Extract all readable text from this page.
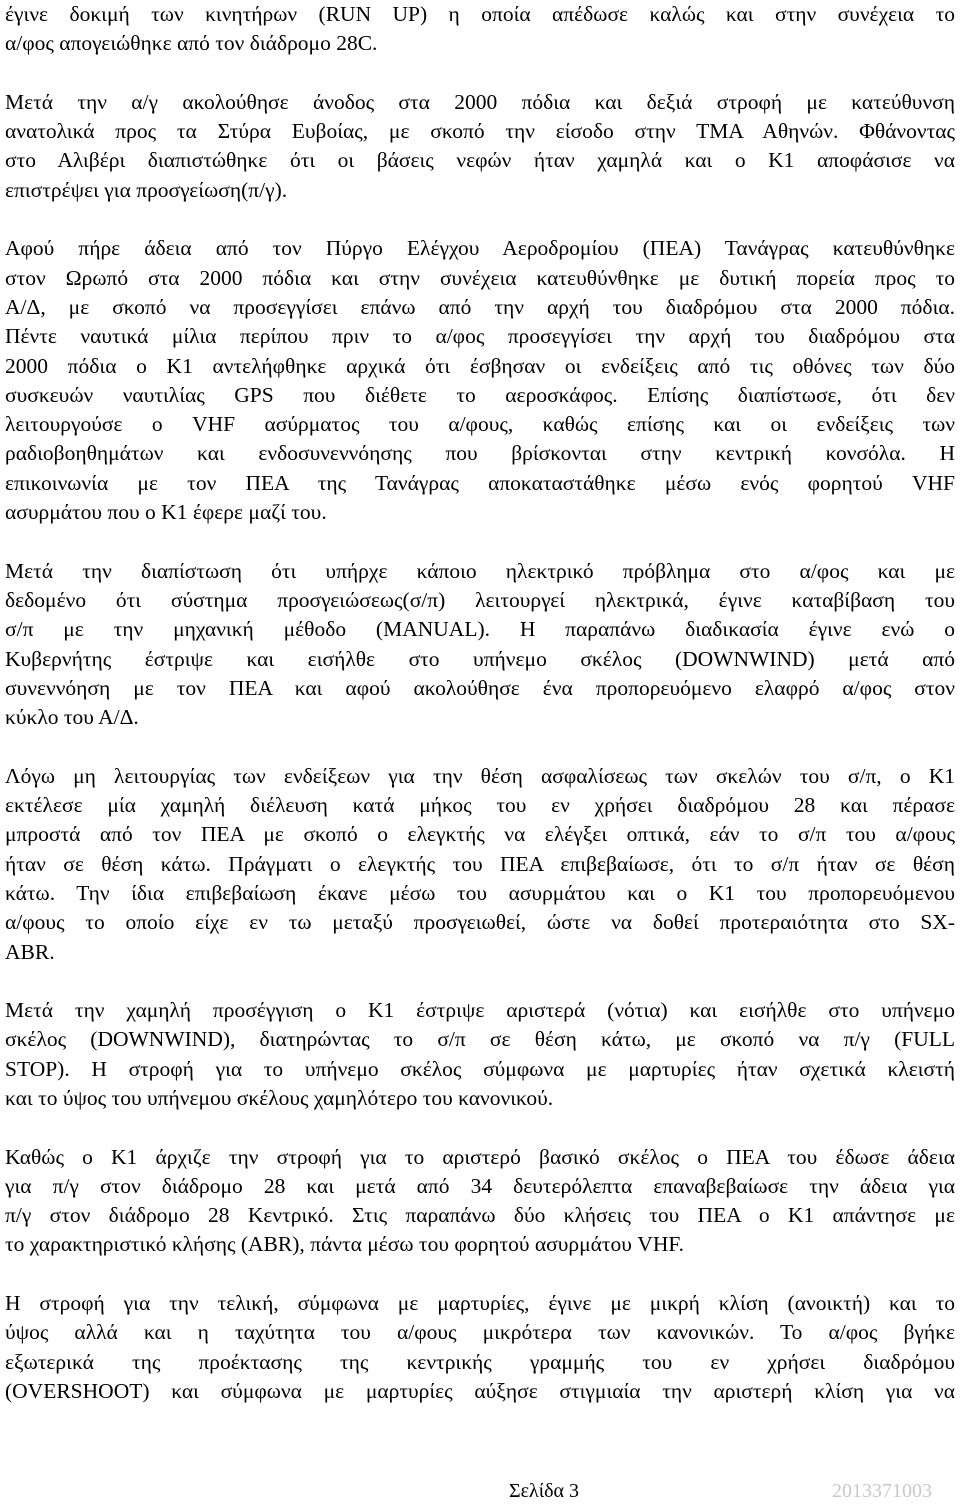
έγινε δοκιμή των κινητήρων (RUN UP) η οποία απέδωσε καλώς και στην συνέχεια το
α/φος απογειώθηκε από τον διάδρομο 28C.
Μετά την α/γ ακολούθησε άνοδος στα 2000 πόδια και δεξιά στροφή με κατεύθυνση
ανατολικά προς τα Στύρα Ευβοίας, με σκοπό την είσοδο στην ΤΜΑ Αθηνών. Φθάνοντας
στο Αλιβέρι διαπιστώθηκε ότι οι βάσεις νεφών ήταν χαμηλά και ο Κ1 αποφάσισε να
επιστρέψει για προσγείωση(π/γ).
Αφού πήρε άδεια από τον Πύργο Ελέγχου Αεροδρομίου (ΠΕΑ) Τανάγρας κατευθύνθηκε
στον Ωρωπό στα 2000 πόδια και στην συνέχεια κατευθύνθηκε με δυτική πορεία προς το
Α/Δ, με σκοπό να προσεγγίσει επάνω από την αρχή του διαδρόμου στα 2000 πόδια.
Πέντε ναυτικά μίλια περίπου πριν το α/φος προσεγγίσει την αρχή του διαδρόμου στα
2000 πόδια ο Κ1 αντελήφθηκε αρχικά ότι έσβησαν οι ενδείξεις από τις οθόνες των δύο
συσκευών ναυτιλίας GPS που διέθετε το αεροσκάφος. Επίσης διαπίστωσε, ότι δεν
λειτουργούσε ο VHF ασύρματος του α/φους, καθώς επίσης και οι ενδείξεις των
ραδιοβοηθημάτων και ενδοσυνεννόησης που βρίσκονται στην κεντρική κονσόλα. Η
επικοινωνία με τον ΠΕΑ της Τανάγρας αποκαταστάθηκε μέσω ενός φορητού VHF
ασυρμάτου που ο Κ1 έφερε μαζί του.
Μετά την διαπίστωση ότι υπήρχε κάποιο ηλεκτρικό πρόβλημα στο α/φος και με
δεδομένο ότι σύστημα προσγειώσεως(σ/π) λειτουργεί ηλεκτρικά, έγινε καταβίβαση του
σ/π με την μηχανική μέθοδο (MANUAL). Η παραπάνω διαδικασία έγινε ενώ ο
Κυβερνήτης έστριψε και εισήλθε στο υπήνεμο σκέλος (DOWNWIND) μετά από
συνεννόηση με τον ΠΕΑ και αφού ακολούθησε ένα προπορευόμενο ελαφρό α/φος στον
κύκλο του Α/Δ.
Λόγω μη λειτουργίας των ενδείξεων για την θέση ασφαλίσεως των σκελών του σ/π, ο Κ1
εκτέλεσε μία χαμηλή διέλευση κατά μήκος του εν χρήσει διαδρόμου 28 και πέρασε
μπροστά από τον ΠΕΑ με σκοπό ο ελεγκτής να ελέγξει οπτικά, εάν το σ/π του α/φους
ήταν σε θέση κάτω. Πράγματι ο ελεγκτής του ΠΕΑ επιβεβαίωσε, ότι το σ/π ήταν σε θέση
κάτω. Την ίδια επιβεβαίωση έκανε μέσω του ασυρμάτου και ο Κ1 του προπορευόμενου
α/φους το οποίο είχε εν τω μεταξύ προσγειωθεί, ώστε να δοθεί προτεραιότητα στο SX-
ABR.
Μετά την χαμηλή προσέγγιση ο Κ1 έστριψε αριστερά (νότια) και εισήλθε στο υπήνεμο
σκέλος (DOWNWIND), διατηρώντας το σ/π σε θέση κάτω, με σκοπό να π/γ (FULL
STOP). Η στροφή για το υπήνεμο σκέλος σύμφωνα με μαρτυρίες ήταν σχετικά κλειστή
και το ύψος του υπήνεμου σκέλους χαμηλότερο του κανονικού.
Καθώς ο Κ1 άρχιζε την στροφή για το αριστερό βασικό σκέλος ο ΠΕΑ του έδωσε άδεια
για π/γ στον διάδρομο 28 και μετά από 34 δευτερόλεπτα επαναβεβαίωσε την άδεια για
π/γ στον διάδρομο 28 Κεντρικό. Στις παραπάνω δύο κλήσεις του ΠΕΑ ο Κ1 απάντησε με
το χαρακτηριστικό κλήσης (ABR), πάντα μέσω του φορητού ασυρμάτου VHF.
Η στροφή για την τελική, σύμφωνα με μαρτυρίες, έγινε με μικρή κλίση (ανοικτή) και το
ύψος αλλά και η ταχύτητα του α/φους μικρότερα των κανονικών. Το α/φος βγήκε
εξωτερικά της προέκτασης της κεντρικής γραμμής του εν χρήσει διαδρόμου
(OVERSHOOT) και σύμφωνα με μαρτυρίες αύξησε στιγμιαία την αριστερή κλίση για να
Σελίδα 3	2013371003
